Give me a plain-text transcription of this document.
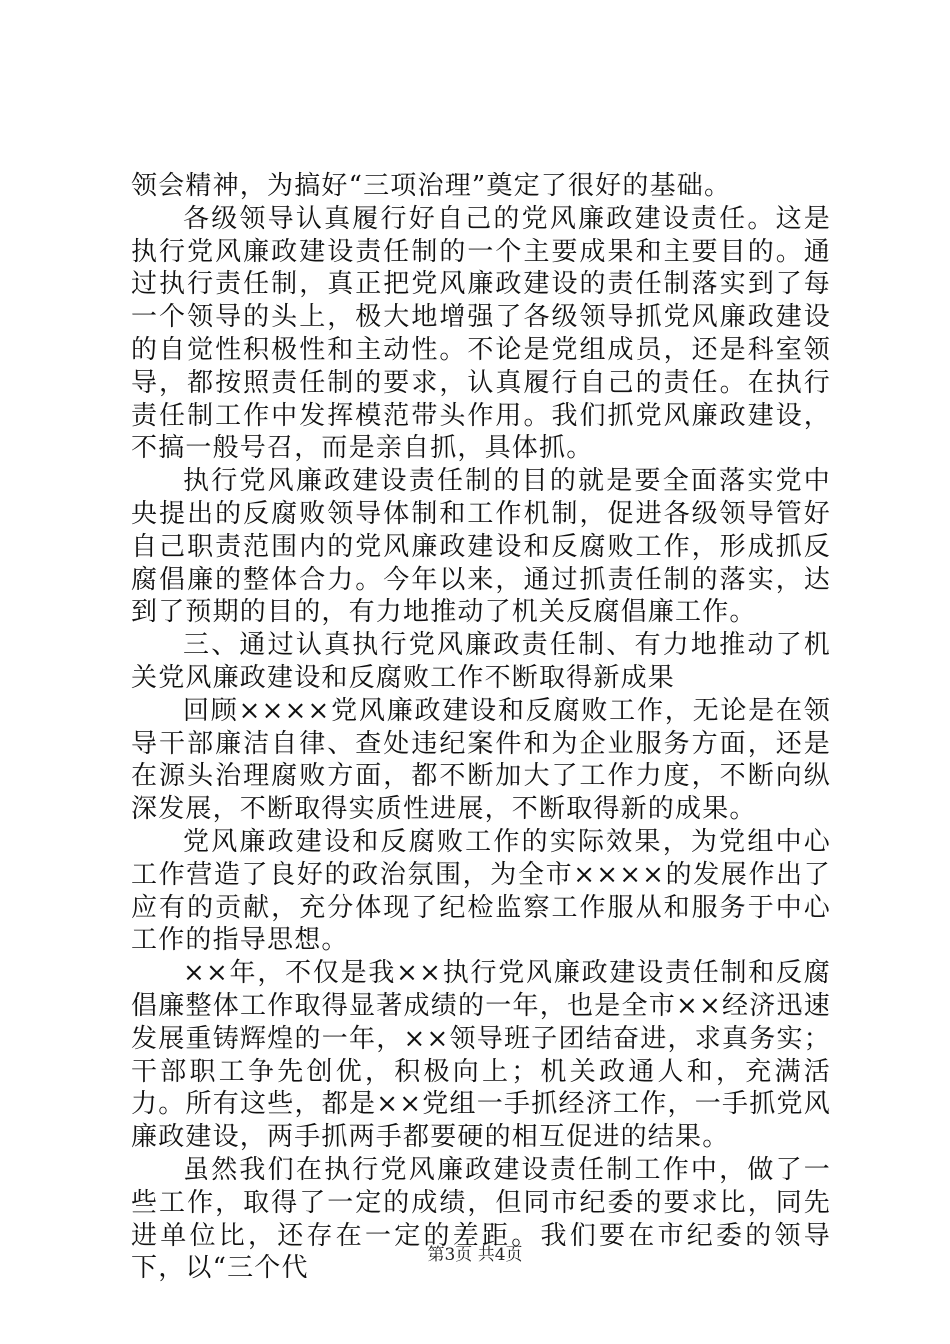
领会精神，为搞好“三项治理”奠定了很好的基础。

各级领导认真履行好自己的党风廉政建设责任。这是执行党风廉政建设责任制的一个主要成果和主要目的。通过执行责任制，真正把党风廉政建设的责任制落实到了每一个领导的头上，极大地增强了各级领导抓党风廉政建设的自觉性积极性和主动性。不论是党组成员，还是科室领导，都按照责任制的要求，认真履行自己的责任。在执行责任制工作中发挥模范带头作用。我们抓党风廉政建设，不搞一般号召，而是亲自抓，具体抓。

执行党风廉政建设责任制的目的就是要全面落实党中央提出的反腐败领导体制和工作机制，促进各级领导管好自己职责范围内的党风廉政建设和反腐败工作，形成抓反腐倡廉的整体合力。今年以来，通过抓责任制的落实，达到了预期的目的，有力地推动了机关反腐倡廉工作。

三、通过认真执行党风廉政责任制、有力地推动了机关党风廉政建设和反腐败工作不断取得新成果

回顾××××党风廉政建设和反腐败工作，无论是在领导干部廉洁自律、查处违纪案件和为企业服务方面，还是在源头治理腐败方面，都不断加大了工作力度，不断向纵深发展，不断取得实质性进展，不断取得新的成果。

党风廉政建设和反腐败工作的实际效果，为党组中心工作营造了良好的政治氛围，为全市××××的发展作出了应有的贡献，充分体现了纪检监察工作服从和服务于中心工作的指导思想。

××年，不仅是我××执行党风廉政建设责任制和反腐倡廉整体工作取得显著成绩的一年，也是全市××经济迅速发展重铸辉煌的一年，××领导班子团结奋进，求真务实；干部职工争先创优，积极向上；机关政通人和，充满活力。所有这些，都是××党组一手抓经济工作，一手抓党风廉政建设，两手抓两手都要硬的相互促进的结果。

虽然我们在执行党风廉政建设责任制工作中，做了一些工作，取得了一定的成绩，但同市纪委的要求比，同先进单位比，还存在一定的差距。我们要在市纪委的领导下，以“三个代	第3页 共4页
